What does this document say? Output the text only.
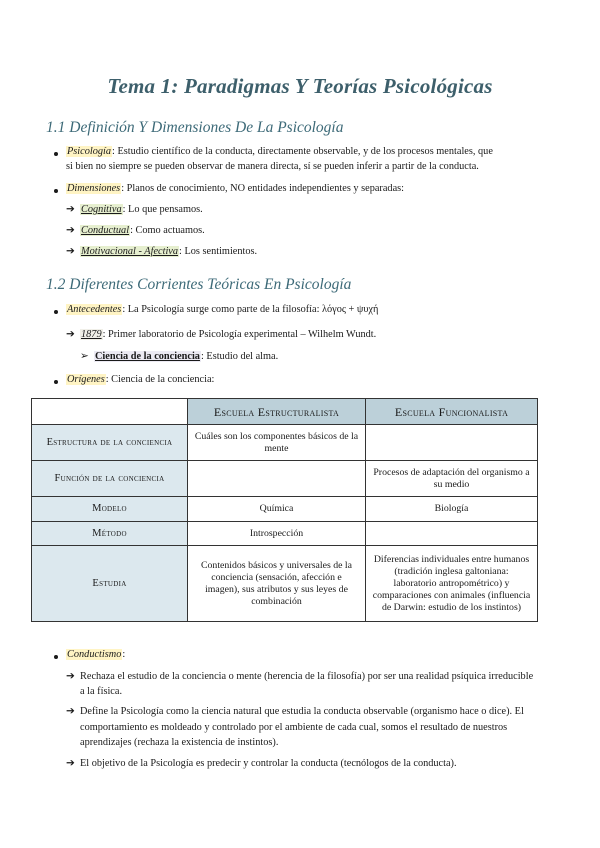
Tema 1: Paradigmas Y Teorías Psicológicas
1.1 Definición Y Dimensiones De La Psicología
Psicología: Estudio científico de la conducta, directamente observable, y de los procesos mentales, que
si bien no siempre se pueden observar de manera directa, sí se pueden inferir a partir de la conducta.
Dimensiones: Planos de conocimiento, NO entidades independientes y separadas:
➔ Cognitiva: Lo que pensamos.
➔ Conductual: Como actuamos.
➔ Motivacional - Afectiva: Los sentimientos.
1.2 Diferentes Corrientes Teóricas En Psicología
Antecedentes: La Psicología surge como parte de la filosofía: λόγος + ψυχή
➔ 1879: Primer laboratorio de Psicología experimental – Wilhelm Wundt.
➢ Ciencia de la conciencia: Estudio del alma.
Orígenes: Ciencia de la conciencia:
	Escuela Estructuralista	Escuela Funcionalista
Estructura de la conciencia	Cuáles son los componentes básicos de la mente	
Función de la conciencia		Procesos de adaptación del organismo a su medio
Modelo	Química	Biología
Método	Introspección	
Estudia	Contenidos básicos y universales de la conciencia (sensación, afección e imagen), sus atributos y sus leyes de combinación	Diferencias individuales entre humanos (tradición inglesa galtoniana: laboratorio antropométrico) y comparaciones con animales (influencia de Darwin: estudio de los instintos)
Conductismo:
➔ Rechaza el estudio de la conciencia o mente (herencia de la filosofía) por ser una realidad psíquica irreducible a la física.
➔ Define la Psicología como la ciencia natural que estudia la conducta observable (organismo hace o dice). El comportamiento es moldeado y controlado por el ambiente de cada cual, somos el resultado de nuestros aprendizajes (rechaza la existencia de instintos).
➔ El objetivo de la Psicología es predecir y controlar la conducta (tecnólogos de la conducta).
